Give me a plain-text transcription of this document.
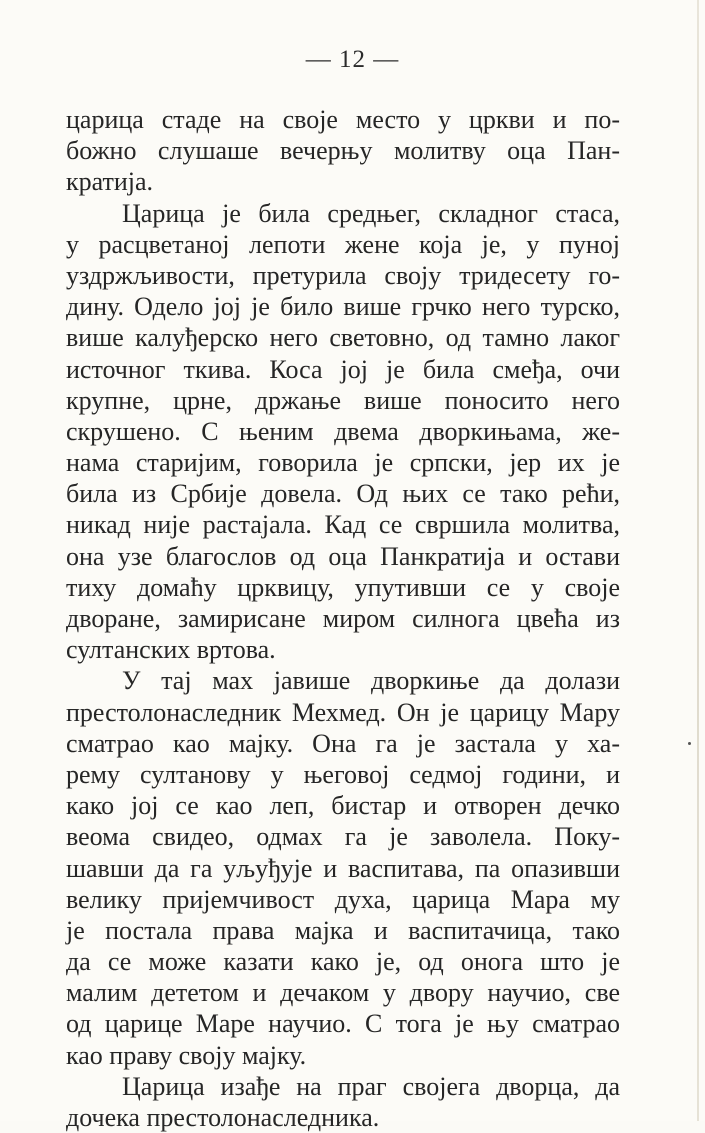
— 12 —
царица стаде на своје место у цркви и по-
божно слушаше вечерњу молитву оца Пан-
кратија.
Царица је била средњег, складног стаса,
у расцветаној лепоти жене која је, у пуној
уздржљивости, претурила своју тридесету го-
дину. Одело јој је било више грчко него турско,
више калуђерско него световно, од тамно лаког
источног ткива. Коса јој је била смеђа, очи
крупне, црне, држање више поносито него
скрушено. С њеним двема дворкињама, же-
нама старијим, говорила је српски, јер их је
била из Србије довела. Од њих се тако рећи,
никад није растајала. Кад се свршила молитва,
она узе благослов од оца Панкратија и остави
тиху домаћу црквицу, упутивши се у своје
дворане, замирисане миром силнога цвећа из
султанских вртова.
У тај мах јавише дворкиње да долази
престолонаследник Мехмед. Он је царицу Мару
сматрао као мајку. Она га је застала у ха-
рему султанову у његовој седмој години, и
како јој се као леп, бистар и отворен дечко
веома свидео, одмах га је заволела. Поку-
шавши да га уљуђује и васпитава, па опазивши
велику пријемчивост духа, царица Мара му
је постала права мајка и васпитачица, тако
да се може казати како је, од онога што је
малим дететом и дечаком у двору научио, све
од царице Маре научио. С тога је њу сматрао
као праву своју мајку.
Царица изађе на праг својега дворца, да
дочека престолонаследника.
